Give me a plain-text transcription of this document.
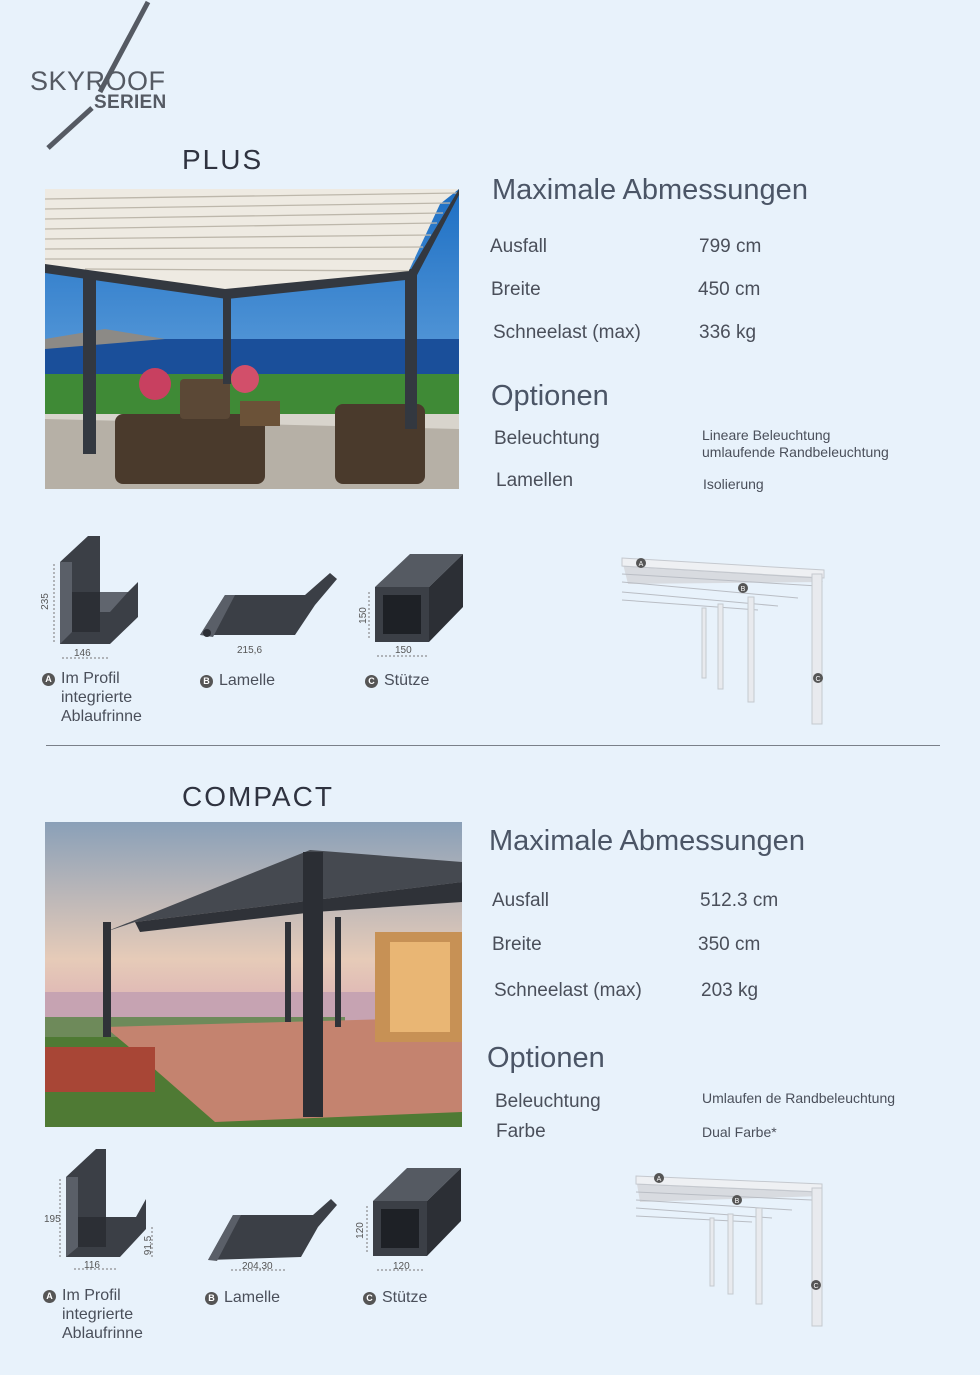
SKYROOF
SERIEN
PLUS
Maximale Abmessungen
Ausfall	799 cm
Breite	450 cm
Schneelast (max)	336 kg
Optionen
Beleuchtung	Lineare Beleuchtung
umlaufende Randbeleuchtung
Lamellen	Isolierung
235
146
A Im Profil
integrierte
Ablaufrinne
215,6
B Lamelle
150
150
C Stütze
A
B
C
COMPACT
Maximale Abmessungen
Ausfall	512.3 cm
Breite	350 cm
Schneelast (max)	203 kg
Optionen
Beleuchtung	Umlaufen de Randbeleuchtung
Farbe	Dual Farbe*
195
91.5
116
A Im Profil
integrierte
Ablaufrinne
204,30
B Lamelle
120
120
C Stütze
A
B
C
